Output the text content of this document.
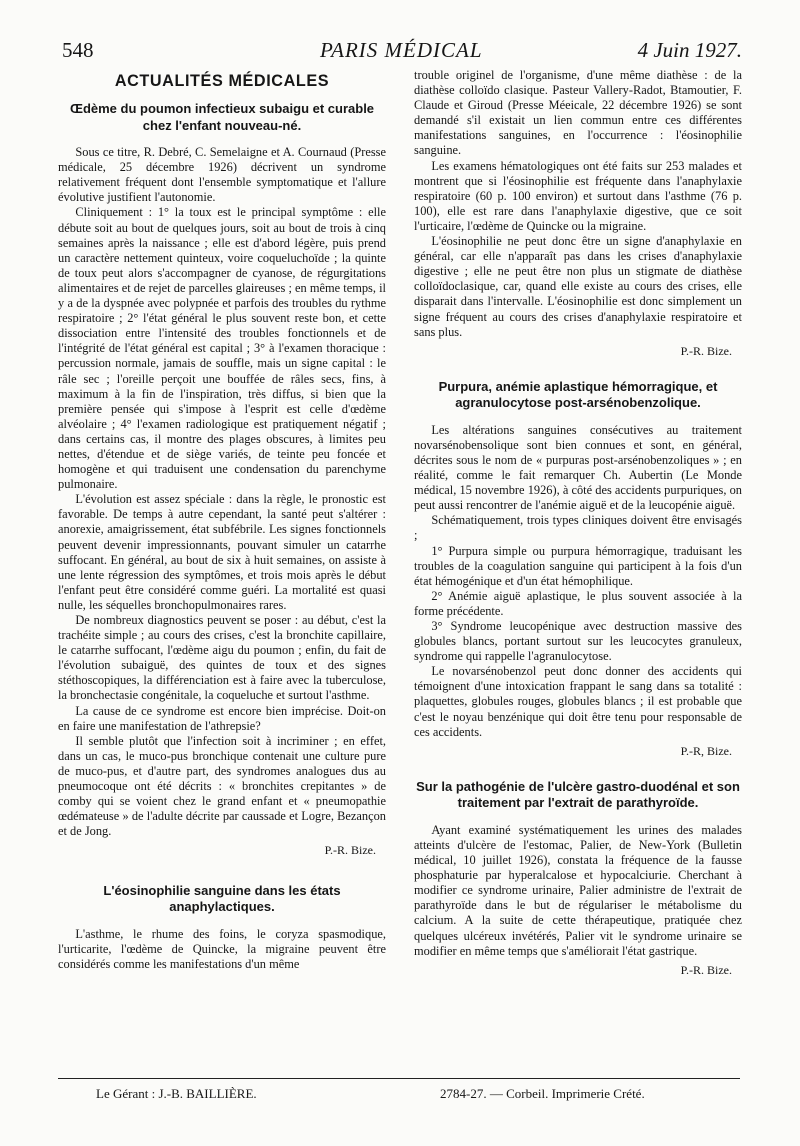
548	PARIS MÉDICAL	4 Juin 1927.
ACTUALITÉS MÉDICALES
Œdème du poumon infectieux subaigu et curable chez l'enfant nouveau-né.

Sous ce titre, R. Debré, C. Semelaigne et A. Cournaud (Presse médicale, 25 décembre 1926) décrivent un syndrome relativement fréquent dont l'ensemble symptomatique et l'allure évolutive justifient l'autonomie.

Cliniquement : 1° la toux est le principal symptôme : elle débute soit au bout de quelques jours, soit au bout de trois à cinq semaines après la naissance ; elle est d'abord légère, puis prend un caractère nettement quinteux, voire coqueluchoïde ; la quinte de toux peut alors s'accompagner de cyanose, de régurgitations alimentaires et de rejet de parcelles glaireuses ; en même temps, il y a de la dyspnée avec polypnée et parfois des troubles du rythme respiratoire ; 2° l'état général le plus souvent reste bon, et cette dissociation entre l'intensité des troubles fonctionnels et de l'intégrité de l'état général est capital ; 3° à l'examen thoracique : percussion normale, jamais de souffle, mais un signe capital : le râle sec ; l'oreille perçoit une bouffée de râles secs, fins, à maximum à la fin de l'inspiration, très diffus, si bien que la première pensée qui s'impose à l'esprit est celle d'œdème alvéolaire ; 4° l'examen radiologique est pratiquement négatif ; dans certains cas, il montre des plages obscures, à limites peu nettes, d'étendue et de siège variés, de teinte peu foncée et homogène et qui traduisent une condensation du parenchyme pulmonaire.

L'évolution est assez spéciale : dans la règle, le pronostic est favorable. De temps à autre cependant, la santé peut s'altérer : anorexie, amaigrissement, état subfébrile. Les signes fonctionnels peuvent devenir impressionnants, pouvant simuler un catarrhe suffocant. En général, au bout de six à huit semaines, on assiste à une lente régression des symptômes, et trois mois après le début l'enfant peut être considéré comme guéri. La mortalité est quasi nulle, les séquelles bronchopulmonaires rares.

De nombreux diagnostics peuvent se poser : au début, c'est la trachéite simple ; au cours des crises, c'est la bronchite capillaire, le catarrhe suffocant, l'œdème aigu du poumon ; enfin, du fait de l'évolution subaiguë, des quintes de toux et des signes stéthoscopiques, la différenciation est à faire avec la tuberculose, la bronchectasie congénitale, la coqueluche et surtout l'asthme.

La cause de ce syndrome est encore bien imprécise. Doit-on en faire une manifestation de l'athrepsie?

Il semble plutôt que l'infection soit à incriminer ; en effet, dans un cas, le muco-pus bronchique contenait une culture pure de muco-pus, et d'autre part, des syndromes analogues dus au pneumocoque ont été décrits : « bronchites crepitantes » de comby qui se voient chez le grand enfant et « pneumopathie œdémateuse » de l'adulte décrite par caussade et Logre, Bezançon et de Jong.

P.-R. Bize.
L'éosinophilie sanguine dans les états anaphylactiques.

L'asthme, le rhume des foins, le coryza spasmodique, l'urticarite, l'œdème de Quincke, la migraine peuvent être considérés comme les manifestations d'un même

trouble originel de l'organisme, d'une même diathèse : de la diathèse colloïdo clasique. Pasteur Vallery-Radot, Btamoutier, F. Claude et Giroud (Presse Méeicale, 22 décembre 1926) se sont demandé s'il existait un lien commun entre ces différentes manifestations sanguines, en l'occurrence : l'éosinophilie sanguine.

Les examens hématologiques ont été faits sur 253 malades et montrent que si l'éosinophilie est fréquente dans l'anaphylaxie respiratoire (60 p. 100 environ) et surtout dans l'asthme (76 p. 100), elle est rare dans l'anaphylaxie digestive, que ce soit l'urticaire, l'œdème de Quincke ou la migraine.

L'éosinophilie ne peut donc être un signe d'anaphylaxie en général, car elle n'apparaît pas dans les crises d'anaphylaxie digestive ; elle ne peut être non plus un stigmate de diathèse colloïdoclasique, car, quand elle existe au cours des crises, elle disparait dans l'intervalle. L'éosinophilie est donc simplement un signe fréquent au cours des crises d'anaphylaxie respiratoire et sans plus.

P.-R. Bize.
Purpura, anémie aplastique hémorragique, et agranulocytose post-arsénobenzolique.

Les altérations sanguines consécutives au traitement novarsénobensolique sont bien connues et sont, en général, décrites sous le nom de « purpuras post-arsénobenzoliques » ; en réalité, comme le fait remarquer Ch. Aubertin (Le Monde médical, 15 novembre 1926), à côté des accidents purpuriques, on peut aussi rencontrer de l'anémie aiguë et de la leucopénie aiguë.

Schématiquement, trois types cliniques doivent être envisagés ;

1° Purpura simple ou purpura hémorragique, traduisant les troubles de la coagulation sanguine qui participent à la fois d'un état hémogénique et d'un état hémophilique.

2° Anémie aiguë aplastique, le plus souvent associée à la forme précédente.

3° Syndrome leucopénique avec destruction massive des globules blancs, portant surtout sur les leucocytes granuleux, syndrome qui rappelle l'agranulocytose.

Le novarsénobenzol peut donc donner des accidents qui témoignent d'une intoxication frappant le sang dans sa totalité : plaquettes, globules rouges, globules blancs ; il est probable que c'est le noyau benzénique qui doit être tenu pour responsable de ces accidents.

P.-R, Bize.
Sur la pathogénie de l'ulcère gastro-duodénal et son traitement par l'extrait de parathyroïde.

Ayant examiné systématiquement les urines des malades atteints d'ulcère de l'estomac, Palier, de New-York (Bulletin médical, 10 juillet 1926), constata la fréquence de la fausse phosphaturie par hyperalcalose et hypocalciurie. Cherchant à modifier ce syndrome urinaire, Palier administre de l'extrait de parathyroïde dans le but de régulariser le métabolisme du calcium. A la suite de cette thérapeutique, pratiquée chez quelques ulcéreux invétérés, Palier vit le syndrome urinaire se modifier en même temps que s'améliorait l'état gastrique.

P.-R. Bize.
Le Gérant : J.-B. BAILLIÈRE.	2784-27. — Corbeil. Imprimerie Crété.
